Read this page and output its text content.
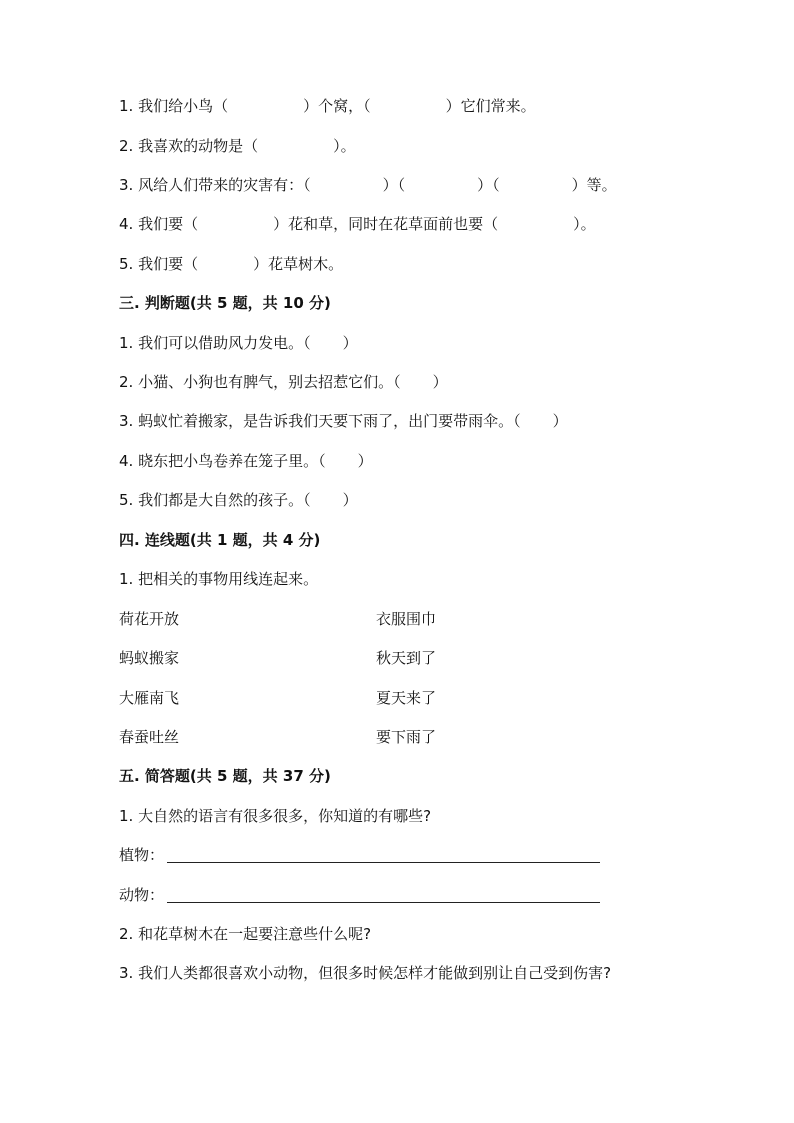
1. 我们给小鸟（	）个窝，（	）它们常来。
2. 我喜欢的动物是（	）。
3. 风给人们带来的灾害有：（	）（	）（	）等。
4. 我们要（	）花和草，同时在花草面前也要（	）。
5. 我们要（	）花草树木。
三. 判断题(共 5 题，共 10 分)
1. 我们可以借助风力发电。（ ）
2. 小猫、小狗也有脾气，别去招惹它们。（ ）
3. 蚂蚁忙着搬家，是告诉我们天要下雨了，出门要带雨伞。（ ）
4. 晓东把小鸟卷养在笼子里。（ ）
5. 我们都是大自然的孩子。（ ）
四. 连线题(共 1 题，共 4 分)
1. 把相关的事物用线连起来。
荷花开放	衣服围巾
蚂蚁搬家	秋天到了
大雁南飞	夏天来了
春蚕吐丝	要下雨了
五. 简答题(共 5 题，共 37 分)
1. 大自然的语言有很多很多，你知道的有哪些?
植物：
动物：
2. 和花草树木在一起要注意些什么呢?
3. 我们人类都很喜欢小动物，但很多时候怎样才能做到别让自己受到伤害?
